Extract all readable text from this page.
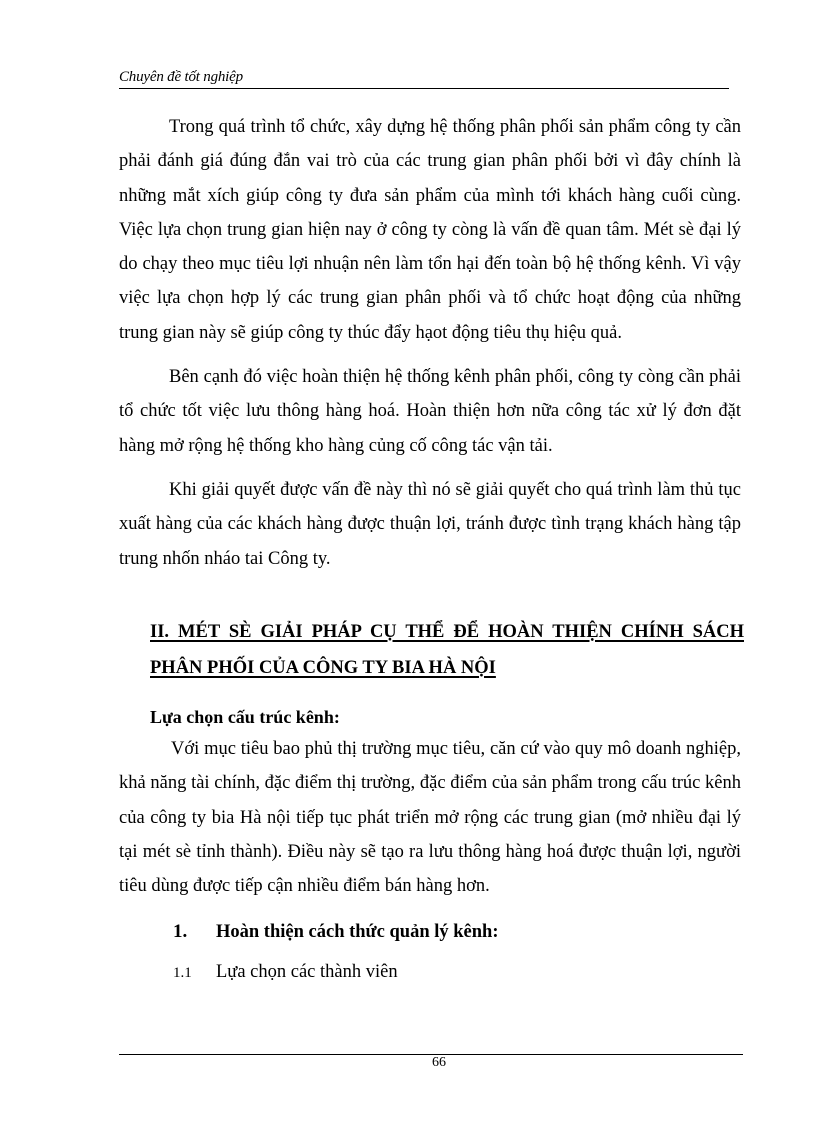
Chuyên đề tốt nghiệp

Trong quá trình tổ chức, xây dựng hệ thống phân phối sản phẩm công ty cần phải đánh giá đúng đắn vai trò của các trung gian phân phối bởi vì đây chính là những mắt xích giúp công ty đưa sản phẩm của mình tới khách hàng cuối cùng. Việc lựa chọn trung gian hiện nay ở công ty còng là vấn đề quan tâm. Mét sè đại lý do chạy theo mục tiêu lợi nhuận nên làm tổn hại đến toàn bộ hệ thống kênh. Vì vậy việc lựa chọn hợp lý các trung gian phân phối và tổ chức hoạt động của những trung gian này sẽ giúp công ty thúc đẩy hạot động tiêu thụ hiệu quả.

Bên cạnh đó việc hoàn thiện hệ thống kênh phân phối, công ty còng cần phải tổ chức tốt việc lưu thông hàng hoá. Hoàn thiện hơn nữa công tác xử lý đơn đặt hàng mở rộng hệ thống kho hàng củng cố công tác vận tải.

Khi giải quyết được vấn đề này thì nó sẽ giải quyết cho quá trình làm thủ tục xuất hàng của các khách hàng được thuận lợi, tránh được tình trạng khách hàng tập trung nhốn nháo tai Công ty.

II. MÉT SÈ GIẢI PHÁP CỤ THỂ ĐỂ HOÀN THIỆN CHÍNH SÁCH PHÂN PHỐI CỦA CÔNG TY BIA HÀ NỘI

Lựa chọn cấu trúc kênh:

Với mục tiêu bao phủ thị trường mục tiêu, căn cứ vào quy mô doanh nghiệp, khả năng tài chính, đặc điểm thị trường, đặc điểm của sản phẩm trong cấu trúc kênh của công ty bia Hà nội tiếp tục phát triển mở rộng các trung gian (mở nhiều đại lý tại mét sè tỉnh thành). Điều này sẽ tạo ra lưu thông hàng hoá được thuận lợi, người tiêu dùng được tiếp cận nhiều điểm bán hàng hơn.

1. Hoàn thiện cách thức quản lý kênh:
1.1 Lựa chọn các thành viên
66
